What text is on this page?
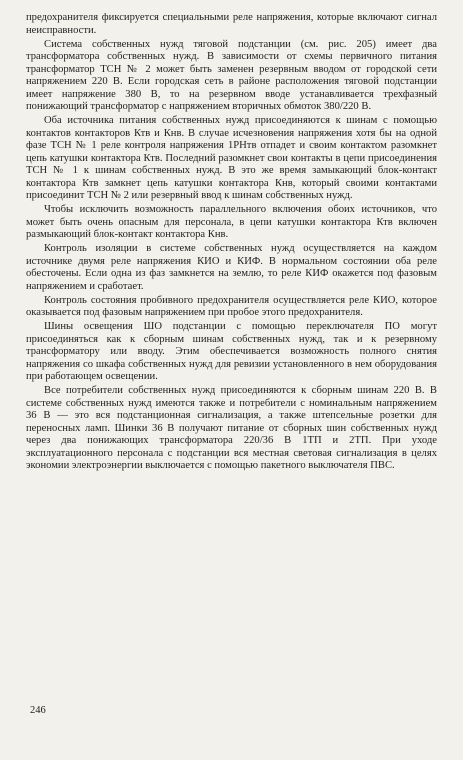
предохранителя фиксируется специальными реле напряжения, которые включают сигнал неисправности.

Система собственных нужд тяговой подстанции (см. рис. 205) имеет два трансформатора собственных нужд. В зависимости от схемы первичного питания трансформатор ТСН № 2 может быть заменен резервным вводом от городской сети напряжением 220 В. Если городская сеть в районе расположения тяговой подстанции имеет напряжение 380 В, то на резервном вводе устанавливается трехфазный понижающий трансформатор с напряжением вторичных обмоток 380/220 В.

Оба источника питания собственных нужд присоединяются к шинам с помощью контактов контакторов Ктв и Кнв. В случае исчезновения напряжения хотя бы на одной фазе ТСН № 1 реле контроля напряжения 1РНтв отпадет и своим контактом разомкнет цепь катушки контактора Ктв. Последний разомкнет свои контакты в цепи присоединения ТСН № 1 к шинам собственных нужд. В это же время замыкающий блок-контакт контактора Ктв замкнет цепь катушки контактора Кнв, который своими контактами присоединит ТСН № 2 или резервный ввод к шинам собственных нужд.

Чтобы исключить возможность параллельного включения обоих источников, что может быть очень опасным для персонала, в цепи катушки контактора Ктв включен размыкающий блок-контакт контактора Кнв.

Контроль изоляции в системе собственных нужд осуществляется на каждом источнике двумя реле напряжения КИО и КИФ. В нормальном состоянии оба реле обесточены. Если одна из фаз замкнется на землю, то реле КИФ окажется под фазовым напряжением и сработает.

Контроль состояния пробивного предохранителя осуществляется реле КИО, которое оказывается под фазовым напряжением при пробое этого предохранителя.

Шины освещения ШО подстанции с помощью переключателя ПО могут присоединяться как к сборным шинам собственных нужд, так и к резервному трансформатору или вводу. Этим обеспечивается возможность полного снятия напряжения со шкафа собственных нужд для ревизии установленного в нем оборудования при работающем освещении.

Все потребители собственных нужд присоединяются к сборным шинам 220 В. В системе собственных нужд имеются также и потребители с номинальным напряжением 36 В — это вся подстанционная сигнализация, а также штепсельные розетки для переносных ламп. Шинки 36 В получают питание от сборных шин собственных нужд через два понижающих трансформатора 220/36 В 1ТП и 2ТП. При уходе эксплуатационного персонала с подстанции вся местная световая сигнализация в целях экономии электроэнергии выключается с помощью пакетного выключателя ПВС.

246
